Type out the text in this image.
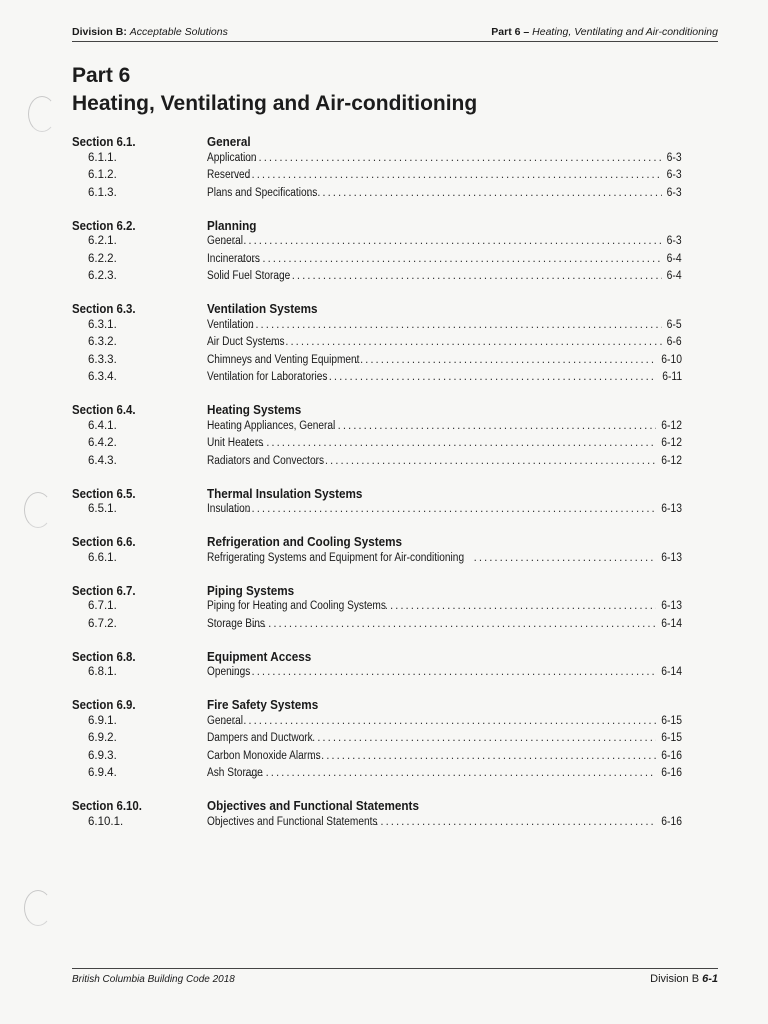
Division B: Acceptable Solutions	Part 6 – Heating, Ventilating and Air-conditioning
Part 6
Heating, Ventilating and Air-conditioning
Section 6.1.	General
6.1.1.	Application .....	6-3
6.1.2.	Reserved .....	6-3
6.1.3.	Plans and Specifications .....	6-3
Section 6.2.	Planning
6.2.1.	General .....	6-3
6.2.2.	Incinerators .....	6-4
6.2.3.	Solid Fuel Storage .....	6-4
Section 6.3.	Ventilation Systems
6.3.1.	Ventilation .....	6-5
6.3.2.	Air Duct Systems .....	6-6
6.3.3.	Chimneys and Venting Equipment .....	6-10
6.3.4.	Ventilation for Laboratories .....	6-11
Section 6.4.	Heating Systems
6.4.1.	Heating Appliances, General .....	6-12
6.4.2.	Unit Heaters .....	6-12
6.4.3.	Radiators and Convectors .....	6-12
Section 6.5.	Thermal Insulation Systems
6.5.1.	Insulation .....	6-13
Section 6.6.	Refrigeration and Cooling Systems
6.6.1.	Refrigerating Systems and Equipment for Air-conditioning .....	6-13
Section 6.7.	Piping Systems
6.7.1.	Piping for Heating and Cooling Systems .....	6-13
6.7.2.	Storage Bins .....	6-14
Section 6.8.	Equipment Access
6.8.1.	Openings .....	6-14
Section 6.9.	Fire Safety Systems
6.9.1.	General .....	6-15
6.9.2.	Dampers and Ductwork .....	6-15
6.9.3.	Carbon Monoxide Alarms .....	6-16
6.9.4.	Ash Storage .....	6-16
Section 6.10.	Objectives and Functional Statements
6.10.1.	Objectives and Functional Statements .....	6-16
British Columbia Building Code 2018	Division B 6-1
